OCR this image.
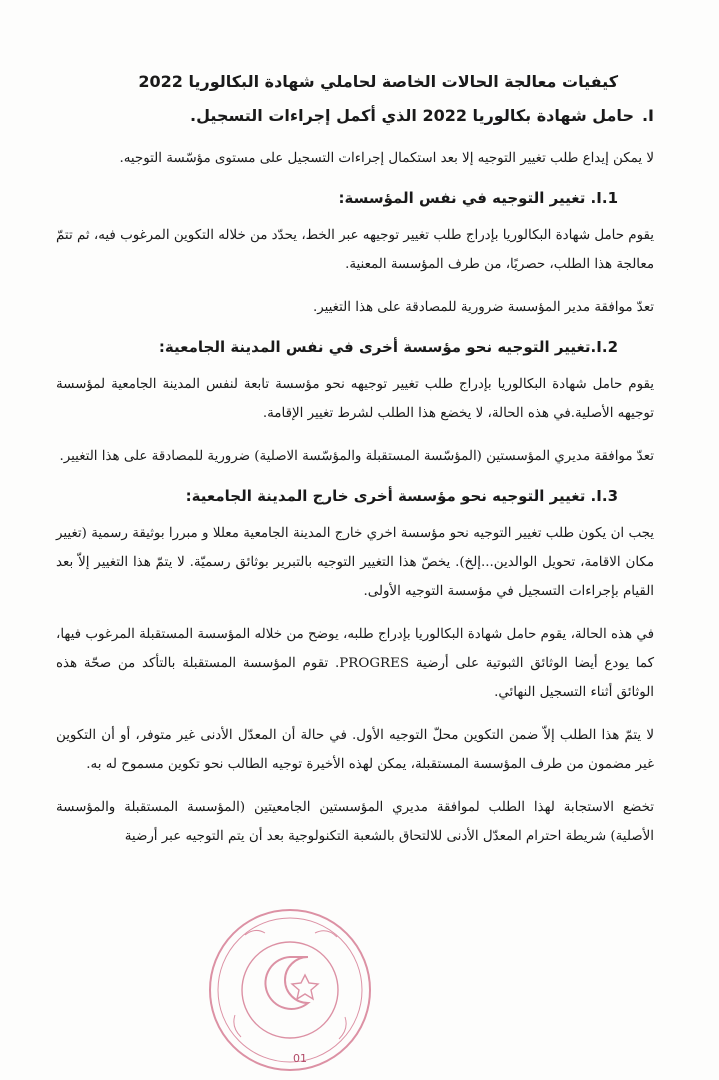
كيفيات معالجة الحالات الخاصة لحاملي شهادة البكالوريا 2022
I.
حامل شهادة بكالوريا 2022 الذي أكمل إجراءات التسجيل.

لا يمكن إيداع طلب تغيير التوجيه إلا بعد استكمال إجراءات التسجيل على مستوى مؤسّسة التوجيه.

1.I. تغيير التوجيه في نفس المؤسسة:

يقوم حامل شهادة البكالوريا بإدراج طلب تغيير توجيهه عبر الخط، يحدّد من خلاله التكوين المرغوب فيه، ثم تتمّ معالجة هذا الطلب، حصريًا، من طرف المؤسسة المعنية.

تعدّ موافقة مدير المؤسسة ضرورية للمصادقة على هذا التغيير.

2.I.تغيير التوجيه نحو مؤسسة أخرى في نفس المدينة الجامعية:

يقوم حامل شهادة البكالوريا بإدراج طلب تغيير توجيهه نحو مؤسسة تابعة لنفس المدينة الجامعية لمؤسسة توجيهه الأصلية.في هذه الحالة، لا يخضع هذا الطلب لشرط تغيير الإقامة.

تعدّ موافقة مديري المؤسستين (المؤسّسة المستقبلة والمؤسّسة الاصلية) ضرورية للمصادقة على هذا التغيير.

3.I. تغيير التوجيه نحو مؤسسة أخرى خارج المدينة الجامعية:

يجب ان يكون طلب تغيير التوجيه نحو مؤسسة اخري خارج المدينة الجامعية معللا و مبررا بوثيقة رسمية (تغيير مكان الاقامة، تحويل الوالدين...إلخ). يخصّ هذا التغيير التوجيه بالتبرير بوثائق رسميّة. لا يتمّ هذا التغيير إلاّ بعد القيام بإجراءات التسجيل في مؤسسة التوجيه الأولى.

في هذه الحالة، يقوم حامل شهادة البكالوريا بإدراج طلبه، يوضح من خلاله المؤسسة المستقبلة المرغوب فيها، كما يودع أيضا الوثائق الثبوتية على أرضية PROGRES. تقوم المؤسسة المستقبلة بالتأكد من صحّة هذه الوثائق أثناء التسجيل النهائي.

لا يتمّ هذا الطلب إلاّ ضمن التكوين محلّ التوجيه الأول. في حالة أن المعدّل الأدنى غير متوفر، أو أن التكوين غير مضمون من طرف المؤسسة المستقبلة، يمكن لهذه الأخيرة توجيه الطالب نحو تكوين مسموح له به.

تخضع الاستجابة لهذا الطلب لموافقة مديري المؤسستين الجامعيتين (المؤسسة المستقبلة والمؤسسة الأصلية) شريطة احترام المعدّل الأدنى للالتحاق بالشعبة التكنولوجية بعد أن يتم التوجيه عبر أرضية

01
